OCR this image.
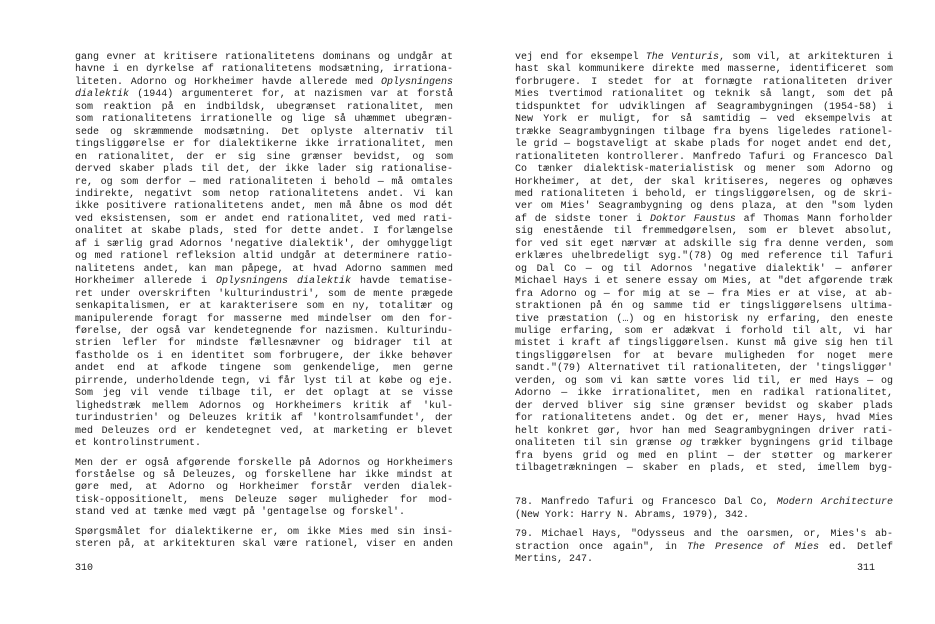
gang evner at kritisere rationalitetens dominans og undgår at
havne i en dyrkelse af rationalitetens modsætning, irrationa-
liteten. Adorno og Horkheimer havde allerede med Oplysningens
dialektik (1944) argumenteret for, at nazismen var at forstå
som reaktion på en indbildsk, ubegrænset rationalitet, men
som rationalitetens irrationelle og lige så uhæmmet ubegræn-
sede og skræmmende modsætning. Det oplyste alternativ til
tingsliggørelse er for dialektikerne ikke irrationalitet, men
en rationalitet, der er sig sine grænser bevidst, og som
derved skaber plads til det, der ikke lader sig rationalise-
re, og som derfor — med rationaliteten i behold — må omtales
indirekte, negativt som netop rationalitetens andet. Vi kan
ikke positivere rationalitetens andet, men må åbne os mod dét
ved eksistensen, som er andet end rationalitet, ved med rati-
onalitet at skabe plads, sted for dette andet. I forlængelse
af i særlig grad Adornos 'negative dialektik', der omhyggeligt
og med rationel refleksion altid undgår at determinere ratio-
nalitetens andet, kan man påpege, at hvad Adorno sammen med
Horkheimer allerede i Oplysningens dialektik havde tematise-
ret under overskriften 'kulturindustri', som de mente prægede
senkapitalismen, er at karakterisere som en ny, totalitær og
manipulerende foragt for masserne med mindelser om den for-
førelse, der også var kendetegnende for nazismen. Kulturindu-
strien lefler for mindste fællesnævner og bidrager til at
fastholde os i en identitet som forbrugere, der ikke behøver
andet end at afkode tingene som genkendelige, men gerne
pirrende, underholdende tegn, vi får lyst til at købe og eje.
Som jeg vil vende tilbage til, er det oplagt at se visse
lighedstræk mellem Adornos og Horkheimers kritik af 'kul-
turindustrien' og Deleuzes kritik af 'kontrolsamfundet', der
med Deleuzes ord er kendetegnet ved, at marketing er blevet
et kontrolinstrument.
Men der er også afgørende forskelle på Adornos og Horkheimers
forståelse og så Deleuzes, og forskellene har ikke mindst at
gøre med, at Adorno og Horkheimer forstår verden dialek-
tisk-oppositionelt, mens Deleuze søger muligheder for mod-
stand ved at tænke med vægt på 'gentagelse og forskel'.
Spørgsmålet for dialektikerne er, om ikke Mies med sin insi-
steren på, at arkitekturen skal være rationel, viser en anden
vej end for eksempel The Venturis, som vil, at arkitekturen i
hast skal kommunikere direkte med masserne, identificeret som
forbrugere. I stedet for at fornægte rationaliteten driver
Mies tvertimod rationalitet og teknik så langt, som det på
tidspunktet for udviklingen af Seagrambygningen (1954-58) i
New York er muligt, for så samtidig — ved eksempelvis at
trække Seagrambygningen tilbage fra byens ligeledes rationel-
le grid — bogstaveligt at skabe plads for noget andet end det,
rationaliteten kontrollerer. Manfredo Tafuri og Francesco Dal
Co tænker dialektisk-materialistisk og mener som Adorno og
Horkheimer, at det, der skal kritiseres, negeres og ophæves
med rationaliteten i behold, er tingsliggørelsen, og de skri-
ver om Mies' Seagrambygning og dens plaza, at den "som lyden
af de sidste toner i Doktor Faustus af Thomas Mann forholder
sig enestående til fremmedgørelsen, som er blevet absolut,
for ved sit eget nærvær at adskille sig fra denne verden, som
erklæres uhelbredeligt syg."(78) Og med reference til Tafuri
og Dal Co — og til Adornos 'negative dialektik' — anfører
Michael Hays i et senere essay om Mies, at "det afgørende træk
fra Adorno og — for mig at se — fra Mies er at vise, at ab-
straktionen på én og samme tid er tingsliggørelsens ultima-
tive præstation (…) og en historisk ny erfaring, den eneste
mulige erfaring, som er adækvat i forhold til alt, vi har
mistet i kraft af tingsliggørelsen. Kunst må give sig hen til
tingsliggørelsen for at bevare muligheden for noget mere
sandt."(79) Alternativet til rationaliteten, der 'tingsliggør'
verden, og som vi kan sætte vores lid til, er med Hays — og
Adorno — ikke irrationalitet, men en radikal rationalitet,
der derved bliver sig sine grænser bevidst og skaber plads
for rationalitetens andet. Og det er, mener Hays, hvad Mies
helt konkret gør, hvor han med Seagrambygningen driver rati-
onaliteten til sin grænse og trækker bygningens grid tilbage
fra byens grid og med en plint — der støtter og markerer
tilbagetrækningen — skaber en plads, et sted, imellem byg-
78. Manfredo Tafuri og Francesco Dal Co, Modern Architecture
(New York: Harry N. Abrams, 1979), 342.
79. Michael Hays, "Odysseus and the oarsmen, or, Mies's ab-
straction once again", in The Presence of Mies ed. Detlef
Mertins, 247.
310	311
